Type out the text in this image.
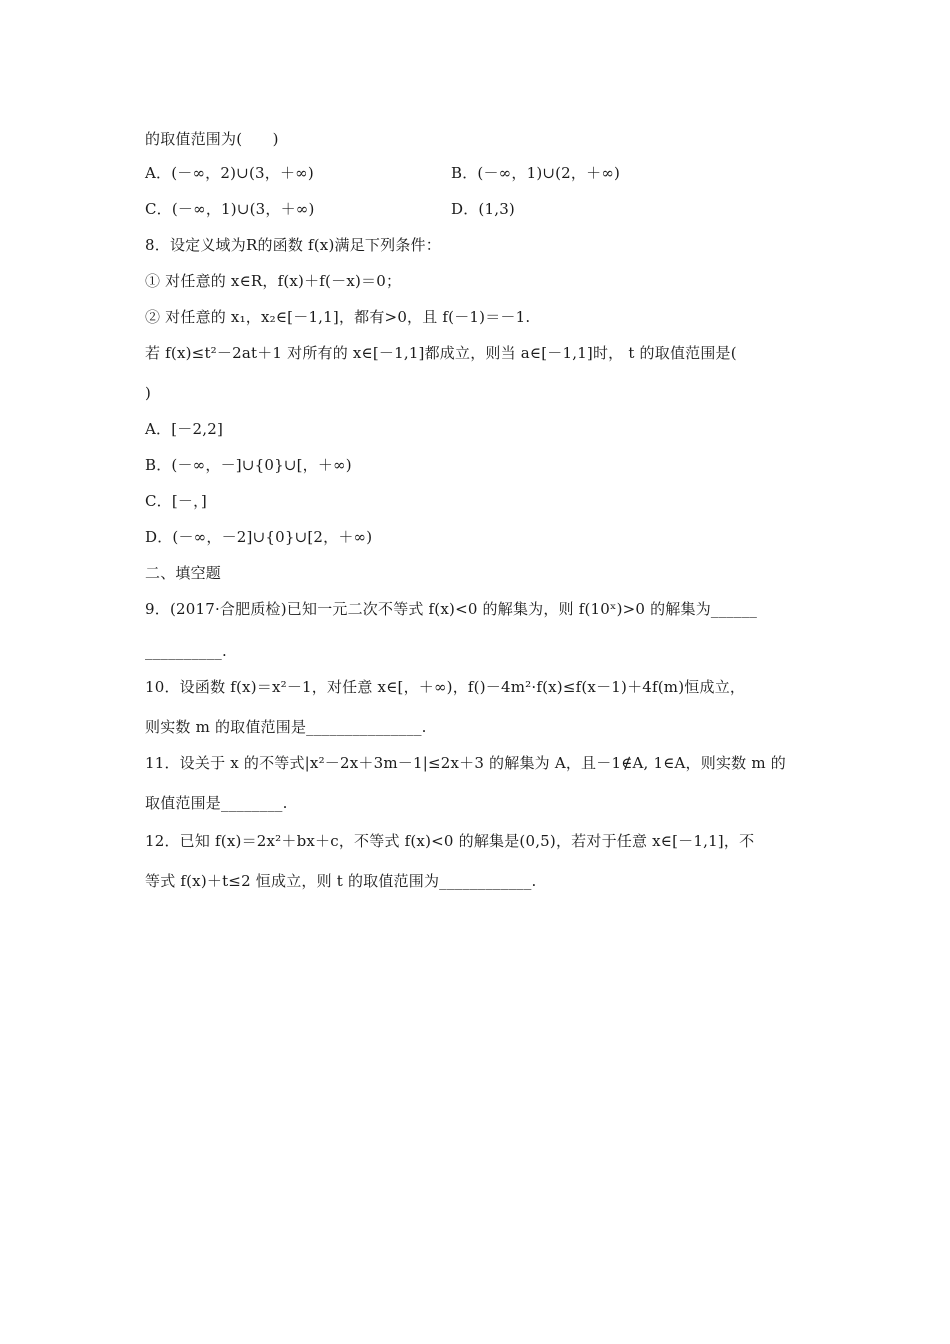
的取值范围为(　　)
A．(－∞，2)∪(3，＋∞)	B．(－∞，1)∪(2，＋∞)
C．(－∞，1)∪(3，＋∞)	D．(1,3)
8．设定义域为R的函数 f(x)满足下列条件：
① 对任意的 x∈R，f(x)＋f(－x)＝0；
② 对任意的 x₁，x₂∈[－1,1]，都有>0，且 f(－1)＝－1.
若 f(x)≤t²－2at＋1 对所有的 x∈[－1,1]都成立，则当 a∈[－1,1]时， t 的取值范围是(
)
A．[－2,2]
B．(－∞，－]∪{0}∪[，＋∞)
C．[－，]
D．(－∞，－2]∪{0}∪[2，＋∞)
二、填空题
9．(2017·合肥质检)已知一元二次不等式 f(x)<0 的解集为，则 f(10ˣ)>0 的解集为______
__________.
10．设函数 f(x)＝x²－1，对任意 x∈[，＋∞)，f()－4m²·f(x)≤f(x－1)＋4f(m)恒成立，
则实数 m 的取值范围是_______________.
11．设关于 x 的不等式|x²－2x＋3m－1|≤2x＋3 的解集为 A，且－1∉A, 1∈A，则实数 m 的
取值范围是________.
12．已知 f(x)＝2x²＋bx＋c，不等式 f(x)<0 的解集是(0,5)，若对于任意 x∈[－1,1]，不
等式 f(x)＋t≤2 恒成立，则 t 的取值范围为____________.
